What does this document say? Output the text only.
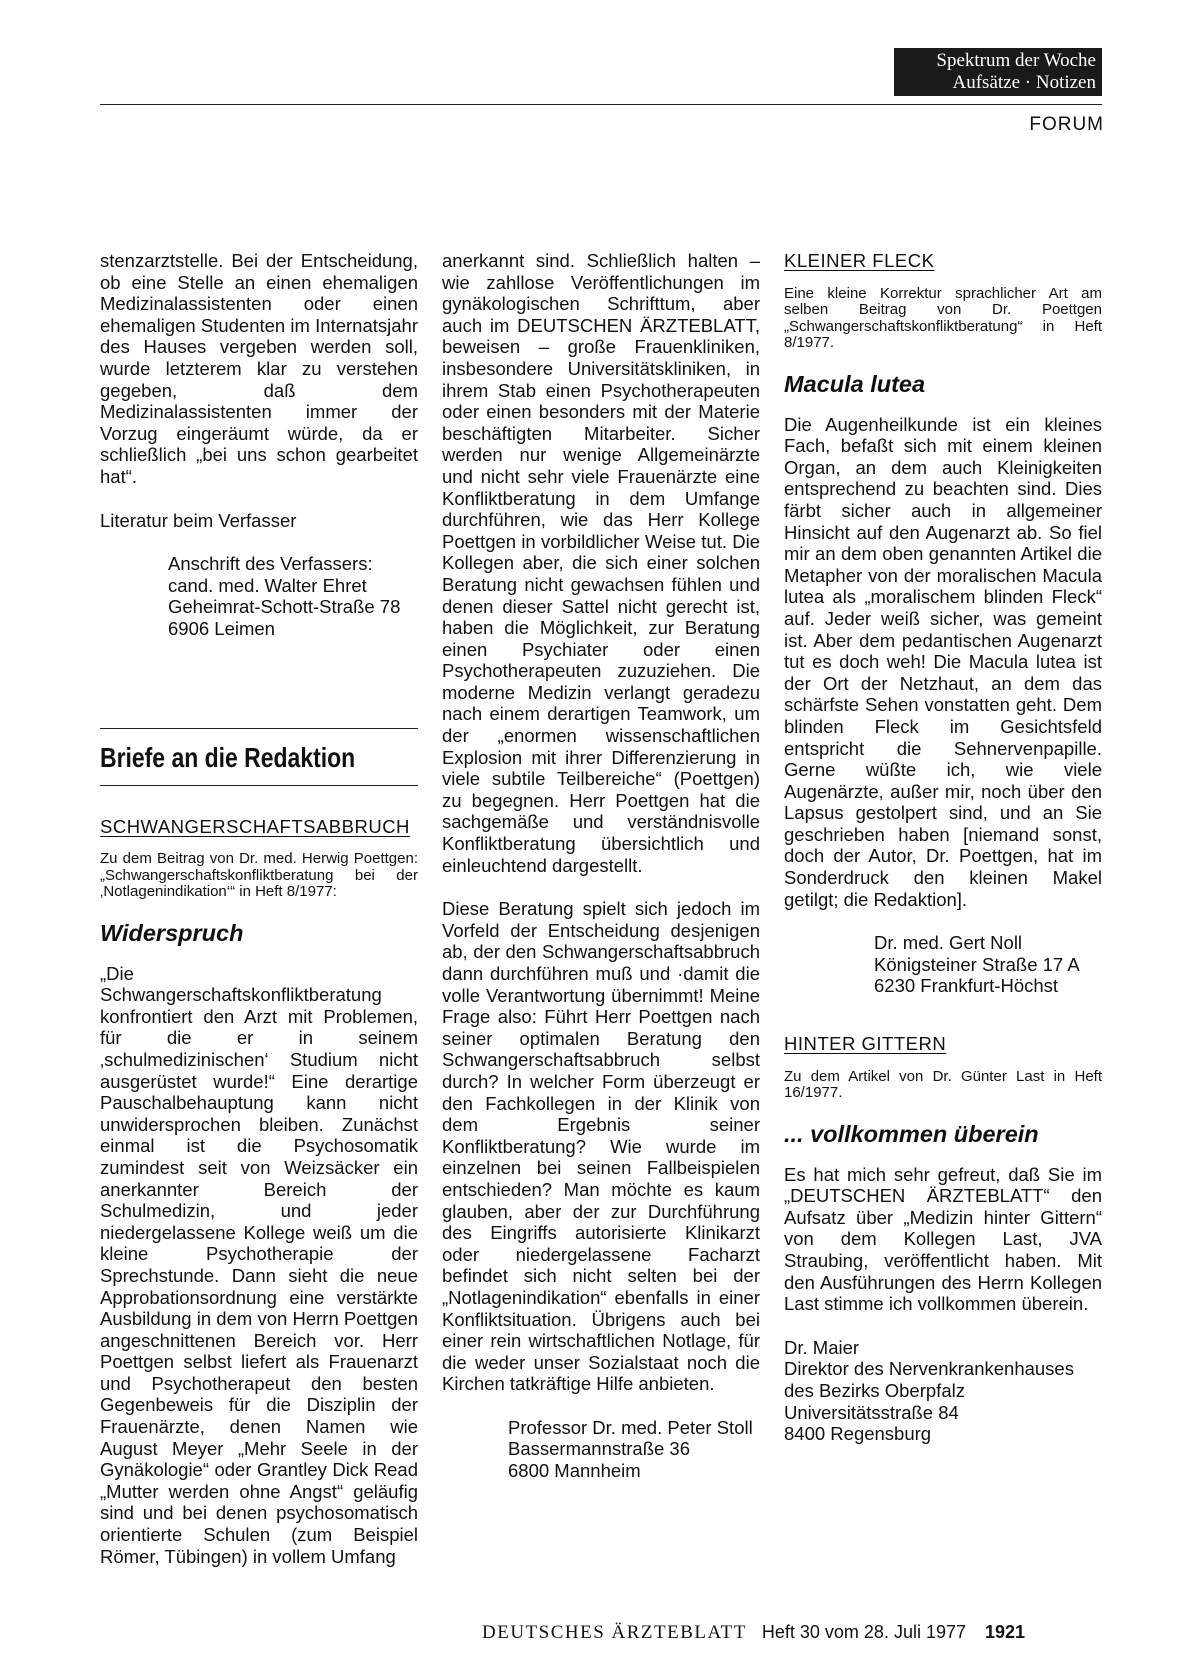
Spektrum der Woche
Aufsätze · Notizen
FORUM

stenzarztstelle. Bei der Entscheidung, ob eine Stelle an einen ehemaligen Medizinalassistenten oder einen ehemaligen Studenten im Internatsjahr des Hauses vergeben werden soll, wurde letzterem klar zu verstehen gegeben, daß dem Medizinalassistenten immer der Vorzug eingeräumt würde, da er schließlich „bei uns schon gearbeitet hat“.

Literatur beim Verfasser

Anschrift des Verfassers:
cand. med. Walter Ehret
Geheimrat-Schott-Straße 78
6906 Leimen
Briefe an die Redaktion
SCHWANGERSCHAFTSABBRUCH
Zu dem Beitrag von Dr. med. Herwig Poettgen: „Schwangerschaftskonfliktberatung bei der ‚Notlagenindikation‘“ in Heft 8/1977:
Widerspruch

„Die Schwangerschaftskonfliktberatung konfrontiert den Arzt mit Problemen, für die er in seinem ‚schulmedizinischen‘ Studium nicht ausgerüstet wurde!“ Eine derartige Pauschalbehauptung kann nicht unwidersprochen bleiben. Zunächst einmal ist die Psychosomatik zumindest seit von Weizsäcker ein anerkannter Bereich der Schulmedizin, und jeder niedergelassene Kollege weiß um die kleine Psychotherapie der Sprechstunde. Dann sieht die neue Approbationsordnung eine verstärkte Ausbildung in dem von Herrn Poettgen angeschnittenen Bereich vor. Herr Poettgen selbst liefert als Frauenarzt und Psychotherapeut den besten Gegenbeweis für die Disziplin der Frauenärzte, denen Namen wie August Meyer „Mehr Seele in der Gynäkologie“ oder Grantley Dick Read „Mutter werden ohne Angst“ geläufig sind und bei denen psychosomatisch orientierte Schulen (zum Beispiel Römer, Tübingen) in vollem Umfang

anerkannt sind. Schließlich halten – wie zahllose Veröffentlichungen im gynäkologischen Schrifttum, aber auch im DEUTSCHEN ÄRZTEBLATT, beweisen – große Frauenkliniken, insbesondere Universitätskliniken, in ihrem Stab einen Psychotherapeuten oder einen besonders mit der Materie beschäftigten Mitarbeiter. Sicher werden nur wenige Allgemeinärzte und nicht sehr viele Frauenärzte eine Konfliktberatung in dem Umfange durchführen, wie das Herr Kollege Poettgen in vorbildlicher Weise tut. Die Kollegen aber, die sich einer solchen Beratung nicht gewachsen fühlen und denen dieser Sattel nicht gerecht ist, haben die Möglichkeit, zur Beratung einen Psychiater oder einen Psychotherapeuten zuzuziehen. Die moderne Medizin verlangt geradezu nach einem derartigen Teamwork, um der „enormen wissenschaftlichen Explosion mit ihrer Differenzierung in viele subtile Teilbereiche“ (Poettgen) zu begegnen. Herr Poettgen hat die sachgemäße und verständnisvolle Konfliktberatung übersichtlich und einleuchtend dargestellt.

Diese Beratung spielt sich jedoch im Vorfeld der Entscheidung desjenigen ab, der den Schwangerschaftsabbruch dann durchführen muß und ·damit die volle Verantwortung übernimmt! Meine Frage also: Führt Herr Poettgen nach seiner optimalen Beratung den Schwangerschaftsabbruch selbst durch? In welcher Form überzeugt er den Fachkollegen in der Klinik von dem Ergebnis seiner Konfliktberatung? Wie wurde im einzelnen bei seinen Fallbeispielen entschieden? Man möchte es kaum glauben, aber der zur Durchführung des Eingriffs autorisierte Klinikarzt oder niedergelassene Facharzt befindet sich nicht selten bei der „Notlagenindikation“ ebenfalls in einer Konfliktsituation. Übrigens auch bei einer rein wirtschaftlichen Notlage, für die weder unser Sozialstaat noch die Kirchen tatkräftige Hilfe anbieten.

Professor Dr. med. Peter Stoll
Bassermannstraße 36
6800 Mannheim
KLEINER FLECK
Eine kleine Korrektur sprachlicher Art am selben Beitrag von Dr. Poettgen „Schwangerschaftskonfliktberatung“ in Heft 8/1977.
Macula lutea

Die Augenheilkunde ist ein kleines Fach, befaßt sich mit einem kleinen Organ, an dem auch Kleinigkeiten entsprechend zu beachten sind. Dies färbt sicher auch in allgemeiner Hinsicht auf den Augenarzt ab. So fiel mir an dem oben genannten Artikel die Metapher von der moralischen Macula lutea als „moralischem blinden Fleck“ auf. Jeder weiß sicher, was gemeint ist. Aber dem pedantischen Augenarzt tut es doch weh! Die Macula lutea ist der Ort der Netzhaut, an dem das schärfste Sehen vonstatten geht. Dem blinden Fleck im Gesichtsfeld entspricht die Sehnervenpapille. Gerne wüßte ich, wie viele Augenärzte, außer mir, noch über den Lapsus gestolpert sind, und an Sie geschrieben haben [niemand sonst, doch der Autor, Dr. Poettgen, hat im Sonderdruck den kleinen Makel getilgt; die Redaktion].

Dr. med. Gert Noll
Königsteiner Straße 17 A
6230 Frankfurt-Höchst
HINTER GITTERN
Zu dem Artikel von Dr. Günter Last in Heft 16/1977.
... vollkommen überein

Es hat mich sehr gefreut, daß Sie im „DEUTSCHEN ÄRZTEBLATT“ den Aufsatz über „Medizin hinter Gittern“ von dem Kollegen Last, JVA Straubing, veröffentlicht haben. Mit den Ausführungen des Herrn Kollegen Last stimme ich vollkommen überein.

Dr. Maier
Direktor des Nervenkrankenhauses
des Bezirks Oberpfalz
Universitätsstraße 84
8400 Regensburg
DEUTSCHES ÄRZTEBLATT Heft 30 vom 28. Juli 1977 1921
